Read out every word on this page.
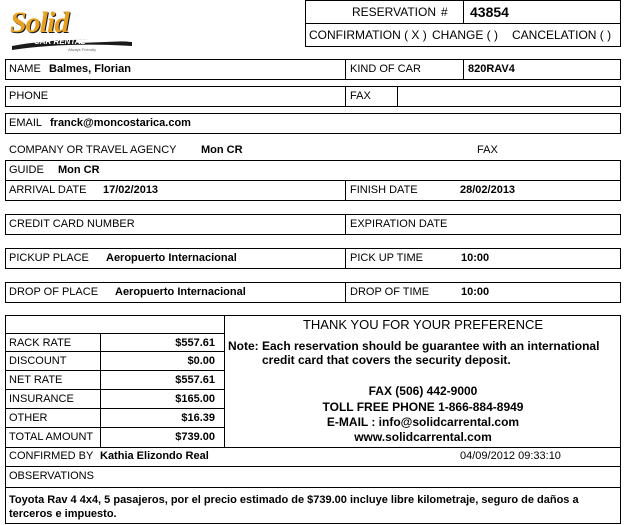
Solid
CAR RENTAL
Always Friendly
RESERVATION # 43854
CONFIRMATION ( X ) CHANGE ( ) CANCELATION ( )
NAME Balmes, Florian	KIND OF CAR	820RAV4
PHONE	FAX
EMAIL franck@moncostarica.com
COMPANY OR TRAVEL AGENCY Mon CR	FAX
GUIDE Mon CR
ARRIVAL DATE 17/02/2013	FINISH DATE	28/02/2013
CREDIT CARD NUMBER	EXPIRATION DATE
PICKUP PLACE Aeropuerto Internacional	PICK UP TIME	10:00
DROP OF PLACE Aeropuerto Internacional	DROP OF TIME	10:00
RACK RATE	$557.61
DISCOUNT	$0.00
NET RATE	$557.61
INSURANCE	$165.00
OTHER	$16.39
TOTAL AMOUNT	$739.00
THANK YOU FOR YOUR PREFERENCE
Note: Each reservation should be guarantee with an international
credit card that covers the security deposit.
FAX (506) 442-9000
TOLL FREE PHONE 1-866-884-8949
E-MAIL : info@solidcarrental.com
www.solidcarrental.com
CONFIRMED BY Kathia Elizondo Real	04/09/2012 09:33:10
OBSERVATIONS
Toyota Rav 4 4x4, 5 pasajeros, por el precio estimado de $739.00 incluye libre kilometraje, seguro de daños a
terceros e impuesto.
